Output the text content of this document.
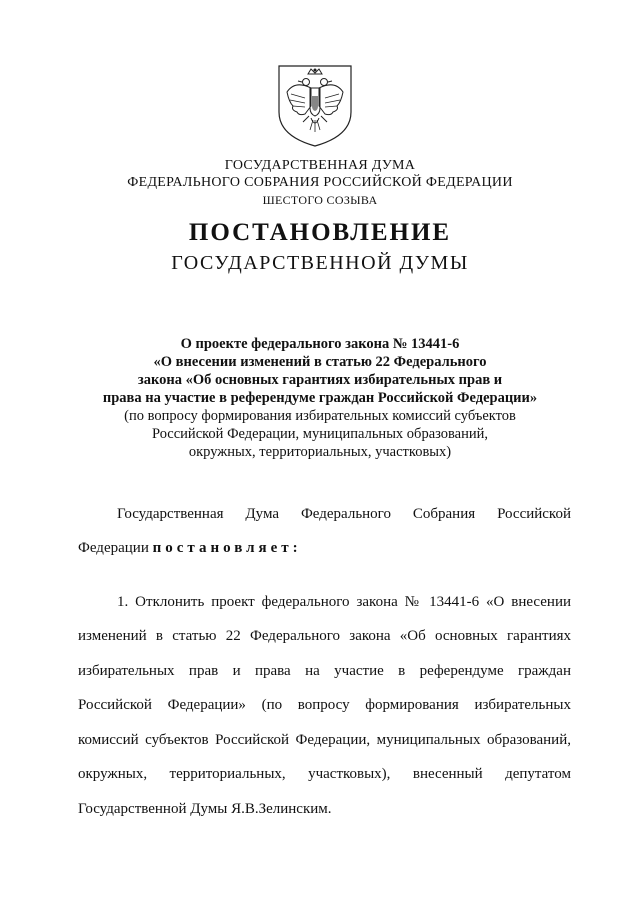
ГОСУДАРСТВЕННАЯ ДУМА
ФЕДЕРАЛЬНОГО СОБРАНИЯ РОССИЙСКОЙ ФЕДЕРАЦИИ
ШЕСТОГО СОЗЫВА
ПОСТАНОВЛЕНИЕ
ГОСУДАРСТВЕННОЙ ДУМЫ
О проекте федерального закона № 13441-6
«О внесении изменений в статью 22 Федерального
закона «Об основных гарантиях избирательных прав и
права на участие в референдуме граждан Российской Федерации»
(по вопросу формирования избирательных комиссий субъектов
Российской Федерации, муниципальных образований,
окружных, территориальных, участковых)
Государственная Дума Федерального Собрания Российской
Федерации постановляет:
1. Отклонить проект федерального закона № 13441-6 «О внесении
изменений в статью 22 Федерального закона «Об основных гарантиях
избирательных прав и права на участие в референдуме граждан
Российской Федерации» (по вопросу формирования избирательных
комиссий субъектов Российской Федерации, муниципальных образований,
окружных, территориальных, участковых), внесенный депутатом
Государственной Думы Я.В.Зелинским.
